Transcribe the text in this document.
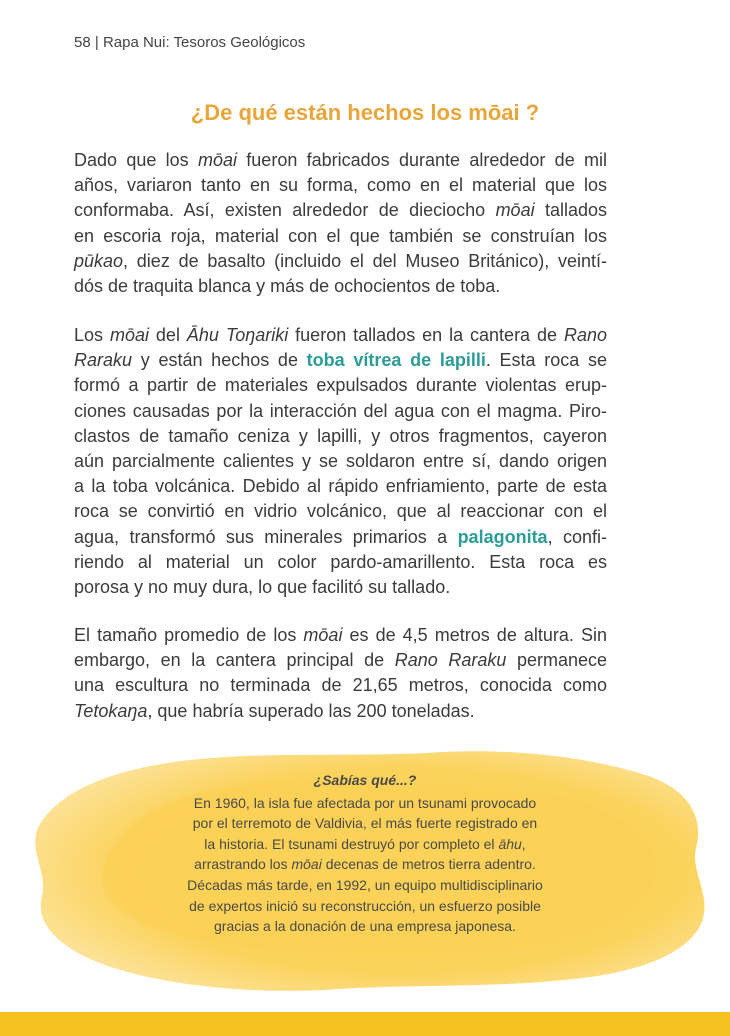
58 | Rapa Nui: Tesoros Geológicos
¿De qué están hechos los mōai ?
Dado que los mōai fueron fabricados durante alrededor de mil
años, variaron tanto en su forma, como en el material que los
conformaba. Así, existen alrededor de dieciocho mōai tallados
en escoria roja, material con el que también se construían los
pūkao, diez de basalto (incluido el del Museo Británico), veintí-
dós de traquita blanca y más de ochocientos de toba.
Los mōai del Āhu Toŋariki fueron tallados en la cantera de Rano
Raraku y están hechos de toba vítrea de lapilli. Esta roca se
formó a partir de materiales expulsados durante violentas erup-
ciones causadas por la interacción del agua con el magma. Piro-
clastos de tamaño ceniza y lapilli, y otros fragmentos, cayeron
aún parcialmente calientes y se soldaron entre sí, dando origen
a la toba volcánica. Debido al rápido enfriamiento, parte de esta
roca se convirtió en vidrio volcánico, que al reaccionar con el
agua, transformó sus minerales primarios a palagonita, confi-
riendo al material un color pardo-amarillento. Esta roca es
porosa y no muy dura, lo que facilitó su tallado.
El tamaño promedio de los mōai es de 4,5 metros de altura. Sin
embargo, en la cantera principal de Rano Raraku permanece
una escultura no terminada de 21,65 metros, conocida como
Tetokaŋa, que habría superado las 200 toneladas.
¿Sabías qué...?
En 1960, la isla fue afectada por un tsunami provocado
por el terremoto de Valdivia, el más fuerte registrado en
la historia. El tsunami destruyó por completo el āhu,
arrastrando los mōai decenas de metros tierra adentro.
Décadas más tarde, en 1992, un equipo multidisciplinario
de expertos inició su reconstrucción, un esfuerzo posible
gracias a la donación de una empresa japonesa.
